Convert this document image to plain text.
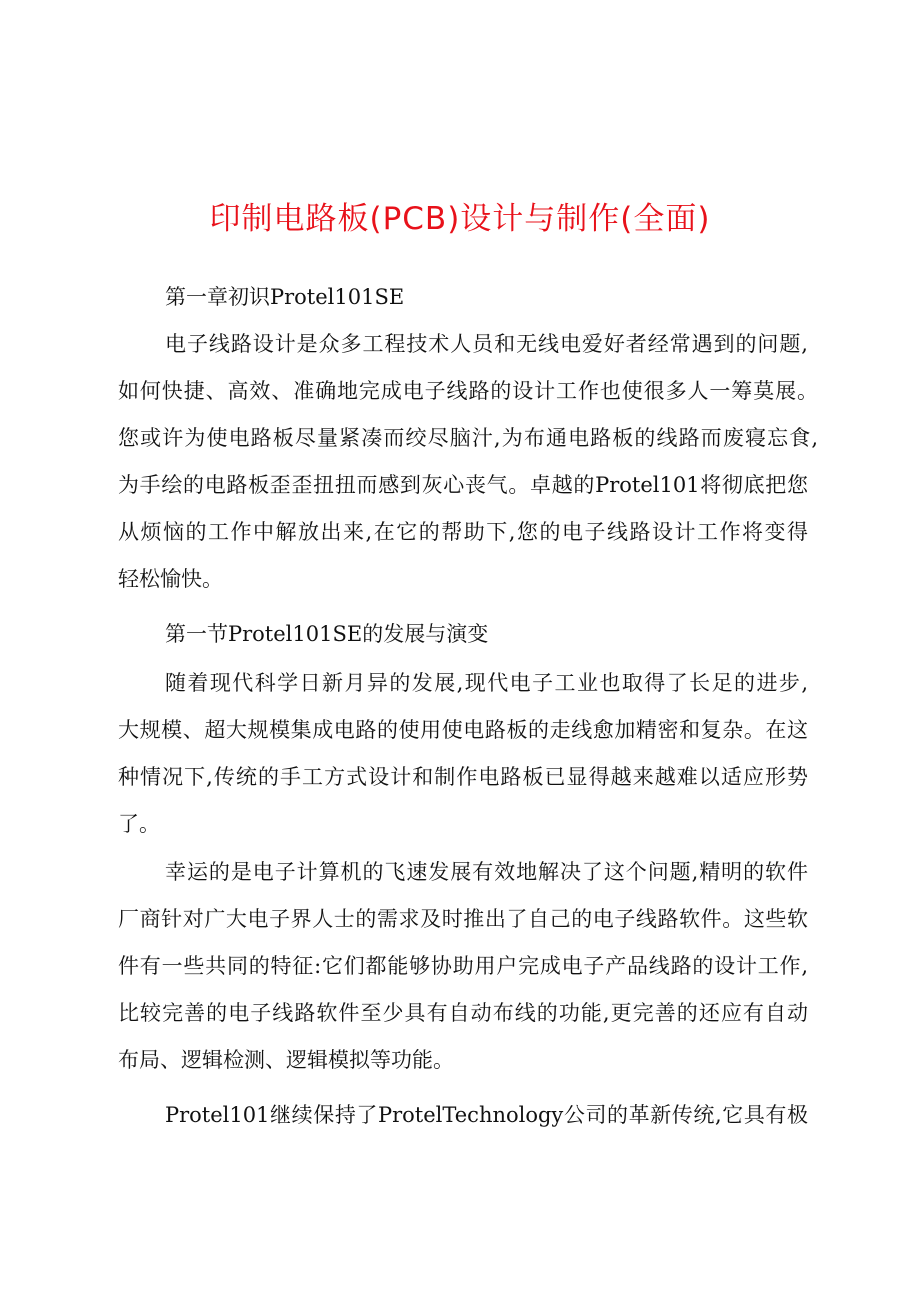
印制电路板(PCB)设计与制作(全面)
第一章初识Protel101SE
电子线路设计是众多工程技术人员和无线电爱好者经常遇到的问题,
如何快捷、高效、准确地完成电子线路的设计工作也使很多人一筹莫展。
您或许为使电路板尽量紧凑而绞尽脑汁,为布通电路板的线路而废寝忘食,
为手绘的电路板歪歪扭扭而感到灰心丧气。卓越的Protel101将彻底把您
从烦恼的工作中解放出来,在它的帮助下,您的电子线路设计工作将变得
轻松愉快。
第一节Protel101SE的发展与演变
随着现代科学日新月异的发展,现代电子工业也取得了长足的进步,
大规模、超大规模集成电路的使用使电路板的走线愈加精密和复杂。在这
种情况下,传统的手工方式设计和制作电路板已显得越来越难以适应形势
了。
幸运的是电子计算机的飞速发展有效地解决了这个问题,精明的软件
厂商针对广大电子界人士的需求及时推出了自己的电子线路软件。这些软
件有一些共同的特征:它们都能够协助用户完成电子产品线路的设计工作,
比较完善的电子线路软件至少具有自动布线的功能,更完善的还应有自动
布局、逻辑检测、逻辑模拟等功能。
Protel101继续保持了ProtelTechnology公司的革新传统,它具有极
